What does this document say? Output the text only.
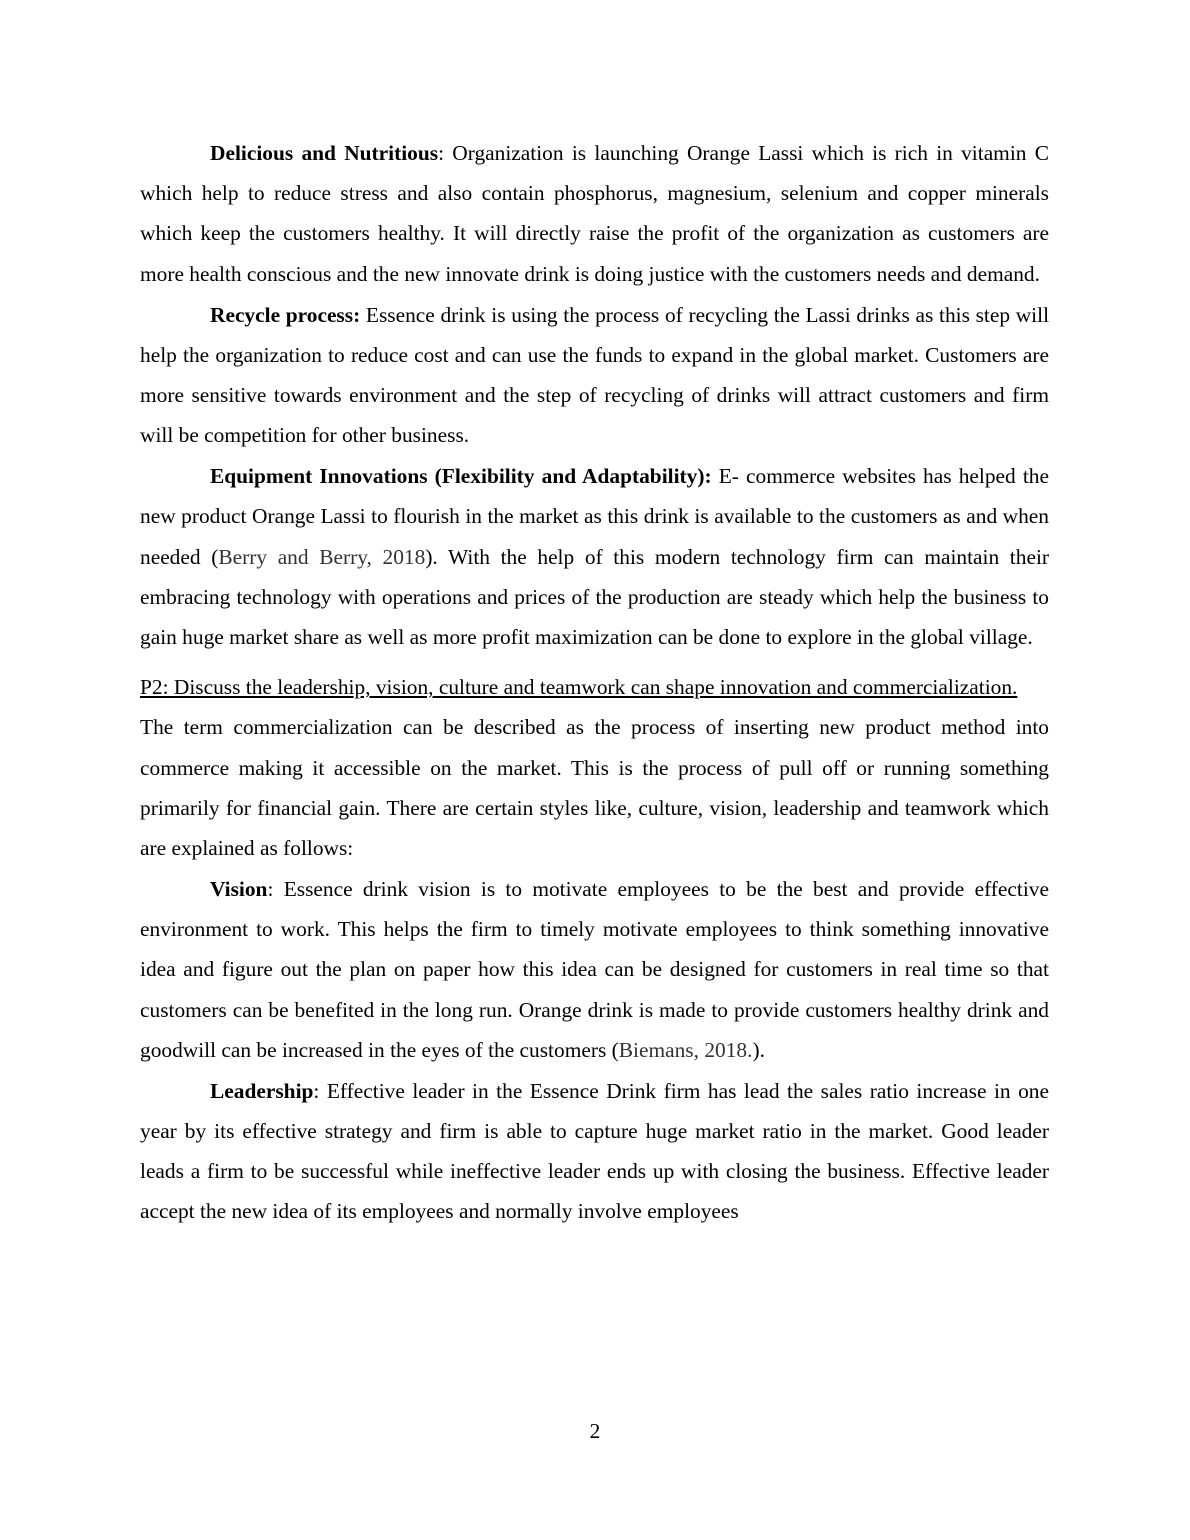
Delicious and Nutritious: Organization is launching Orange Lassi which is rich in vitamin C which help to reduce stress and also contain phosphorus, magnesium, selenium and copper minerals which keep the customers healthy. It will directly raise the profit of the organization as customers are more health conscious and the new innovate drink is doing justice with the customers needs and demand.

Recycle process: Essence drink is using the process of recycling the Lassi drinks as this step will help the organization to reduce cost and can use the funds to expand in the global market. Customers are more sensitive towards environment and the step of recycling of drinks will attract customers and firm will be competition for other business.

Equipment Innovations (Flexibility and Adaptability): E- commerce websites has helped the new product Orange Lassi to flourish in the market as this drink is available to the customers as and when needed (Berry and Berry, 2018). With the help of this modern technology firm can maintain their embracing technology with operations and prices of the production are steady which help the business to gain huge market share as well as more profit maximization can be done to explore in the global village.

P2: Discuss the leadership, vision, culture and teamwork can shape innovation and commercialization.

The term commercialization can be described as the process of inserting new product method into commerce making it accessible on the market. This is the process of pull off or running something primarily for financial gain. There are certain styles like, culture, vision, leadership and teamwork which are explained as follows:

Vision: Essence drink vision is to motivate employees to be the best and provide effective environment to work. This helps the firm to timely motivate employees to think something innovative idea and figure out the plan on paper how this idea can be designed for customers in real time so that customers can be benefited in the long run. Orange drink is made to provide customers healthy drink and goodwill can be increased in the eyes of the customers (Biemans, 2018.).

Leadership: Effective leader in the Essence Drink firm has lead the sales ratio increase in one year by its effective strategy and firm is able to capture huge market ratio in the market. Good leader leads a firm to be successful while ineffective leader ends up with closing the business. Effective leader accept the new idea of its employees and normally involve employees

2
